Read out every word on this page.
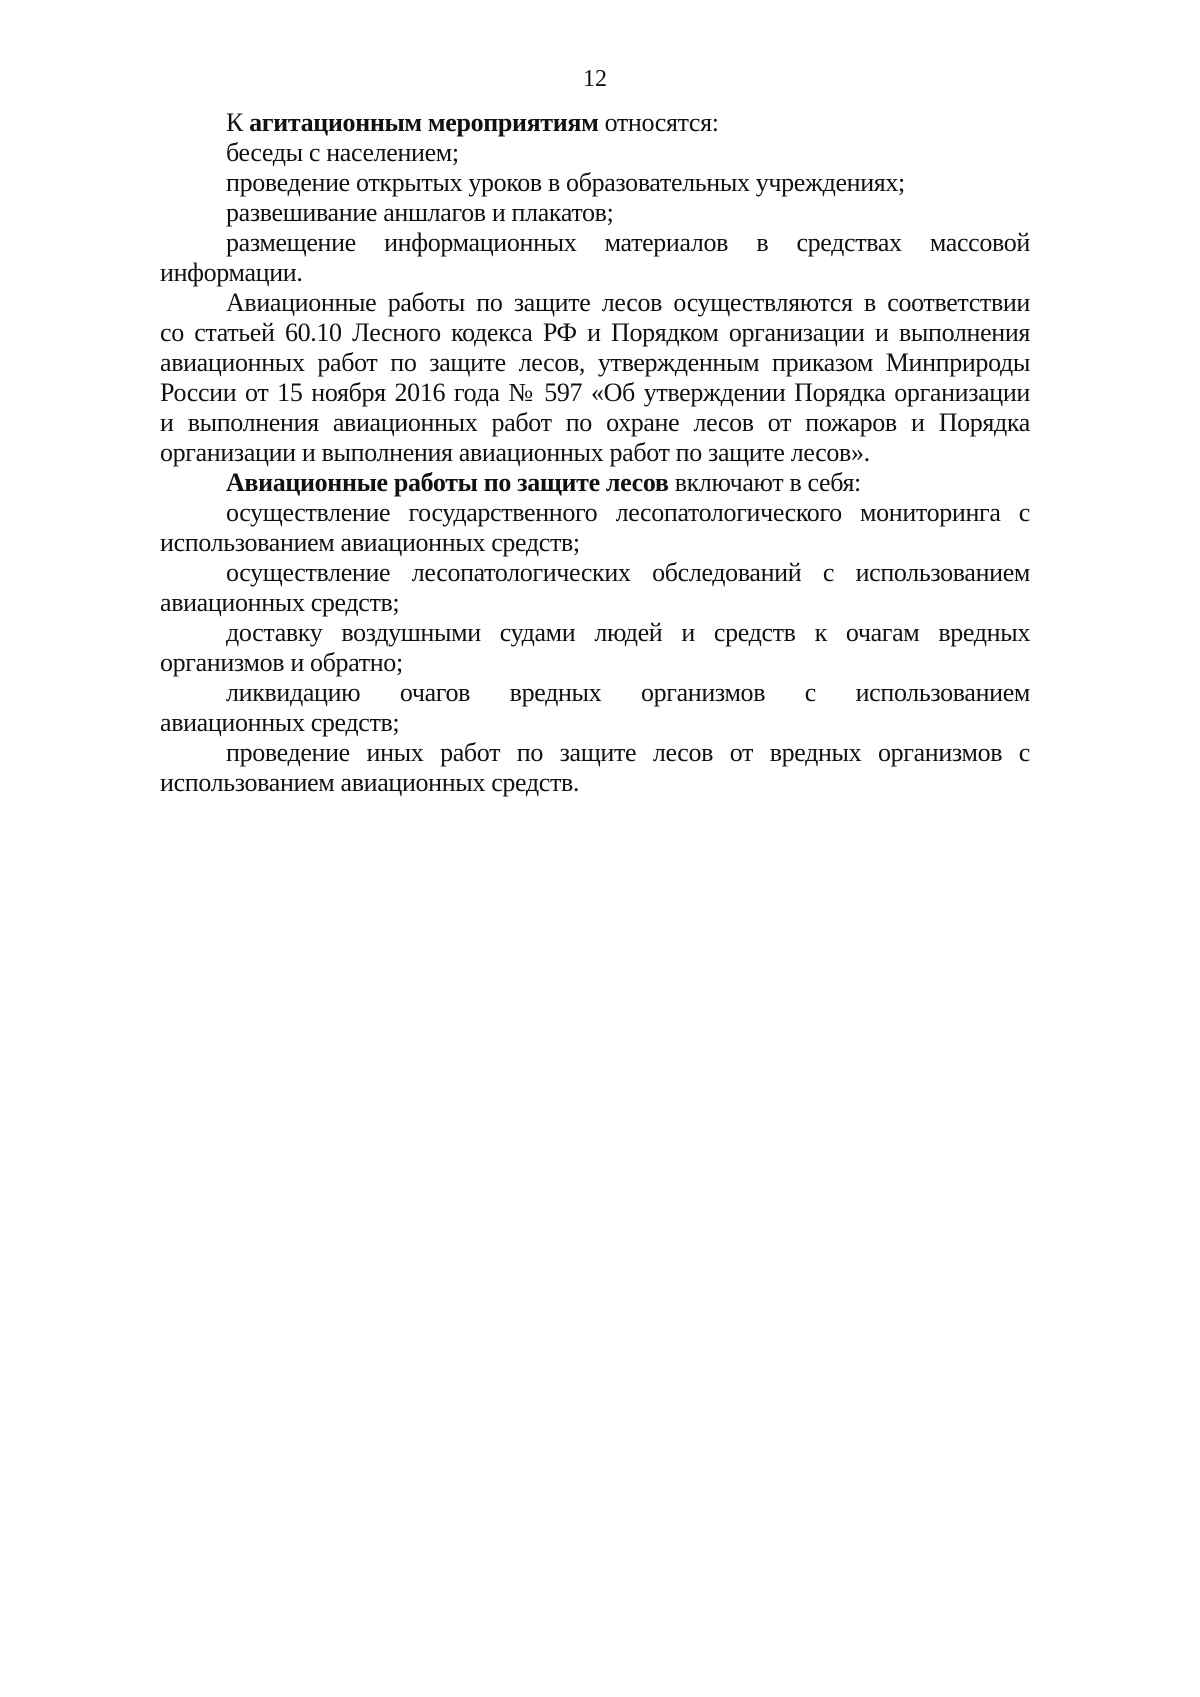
12
К агитационным мероприятиям относятся:
беседы с населением;
проведение открытых уроков в образовательных учреждениях;
развешивание аншлагов и плакатов;
размещение информационных материалов в средствах массовой
информации.
Авиационные работы по защите лесов осуществляются в соответствии
со статьей 60.10 Лесного кодекса РФ и Порядком организации и выполнения
авиационных работ по защите лесов, утвержденным приказом Минприроды
России от 15 ноября 2016 года № 597 «Об утверждении Порядка организации
и выполнения авиационных работ по охране лесов от пожаров и Порядка
организации и выполнения авиационных работ по защите лесов».
Авиационные работы по защите лесов включают в себя:
осуществление государственного лесопатологического мониторинга с
использованием авиационных средств;
осуществление лесопатологических обследований с использованием
авиационных средств;
доставку воздушными судами людей и средств к очагам вредных
организмов и обратно;
ликвидацию очагов вредных организмов с использованием
авиационных средств;
проведение иных работ по защите лесов от вредных организмов с
использованием авиационных средств.
